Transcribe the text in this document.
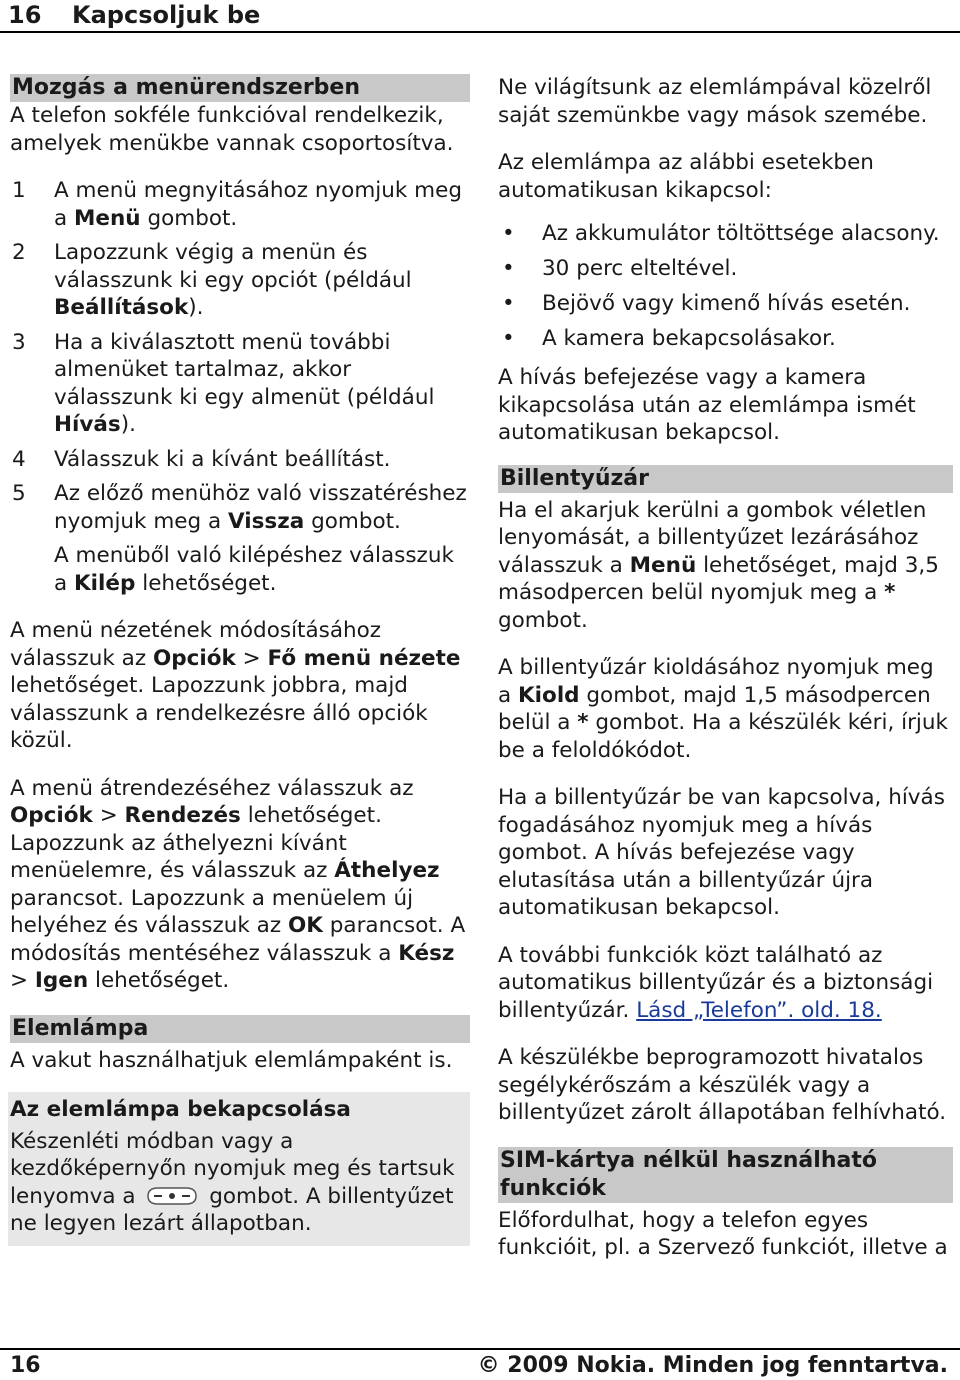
16 Kapcsoljuk be
Mozgás a menürendszerben

A telefon sokféle funkcióval rendelkezik, amelyek menükbe vannak csoportosítva.

1 A menü megnyitásához nyomjuk meg a Menü gombot.
2 Lapozzunk végig a menün és válasszunk ki egy opciót (például Beállítások).
3 Ha a kiválasztott menü további almenüket tartalmaz, akkor válasszunk ki egy almenüt (például Hívás).
4 Válasszuk ki a kívánt beállítást.
5 Az előző menühöz való visszatéréshez nyomjuk meg a Vissza gombot.

A menüből való kilépéshez válasszuk a Kilép lehetőséget.

A menü nézetének módosításához válasszuk az Opciók > Fő menü nézete lehetőséget. Lapozzunk jobbra, majd válasszunk a rendelkezésre álló opciók közül.

A menü átrendezéséhez válasszuk az Opciók > Rendezés lehetőséget. Lapozzunk az áthelyezni kívánt menüelemre, és válasszuk az Áthelyez parancsot. Lapozzunk a menüelem új helyéhez és válasszuk az OK parancsot. A módosítás mentéséhez válasszuk a Kész > Igen lehetőséget.

Elemlámpa

A vakut használhatjuk elemlámpaként is.

Az elemlámpa bekapcsolása

Készenléti módban vagy a kezdőképernyőn nyomjuk meg és tartsuk lenyomva a	gombot. A billentyűzet ne legyen lezárt állapotban.

Ne világítsunk az elemlámpával közelről saját szemünkbe vagy mások szemébe.

Az elemlámpa az alábbi esetekben automatikusan kikapcsol:

• Az akkumulátor töltöttsége alacsony.
• 30 perc elteltével.
• Bejövő vagy kimenő hívás esetén.
• A kamera bekapcsolásakor.

A hívás befejezése vagy a kamera kikapcsolása után az elemlámpa ismét automatikusan bekapcsol.

Billentyűzár

Ha el akarjuk kerülni a gombok véletlen lenyomását, a billentyűzet lezárásához válasszuk a Menü lehetőséget, majd 3,5 másodpercen belül nyomjuk meg a * gombot.

A billentyűzár kioldásához nyomjuk meg a Kiold gombot, majd 1,5 másodpercen belül a * gombot. Ha a készülék kéri, írjuk be a feloldókódot.

Ha a billentyűzár be van kapcsolva, hívás fogadásához nyomjuk meg a hívás gombot. A hívás befejezése vagy elutasítása után a billentyűzár újra automatikusan bekapcsol.

A további funkciók közt található az automatikus billentyűzár és a biztonsági billentyűzár. Lásd „Telefon”. old. 18.

A készülékbe beprogramozott hivatalos segélykérőszám a készülék vagy a billentyűzet zárolt állapotában felhívható.

SIM-kártya nélkül használható funkciók

Előfordulhat, hogy a telefon egyes funkcióit, pl. a Szervező funkciót, illetve a

16	© 2009 Nokia. Minden jog fenntartva.
